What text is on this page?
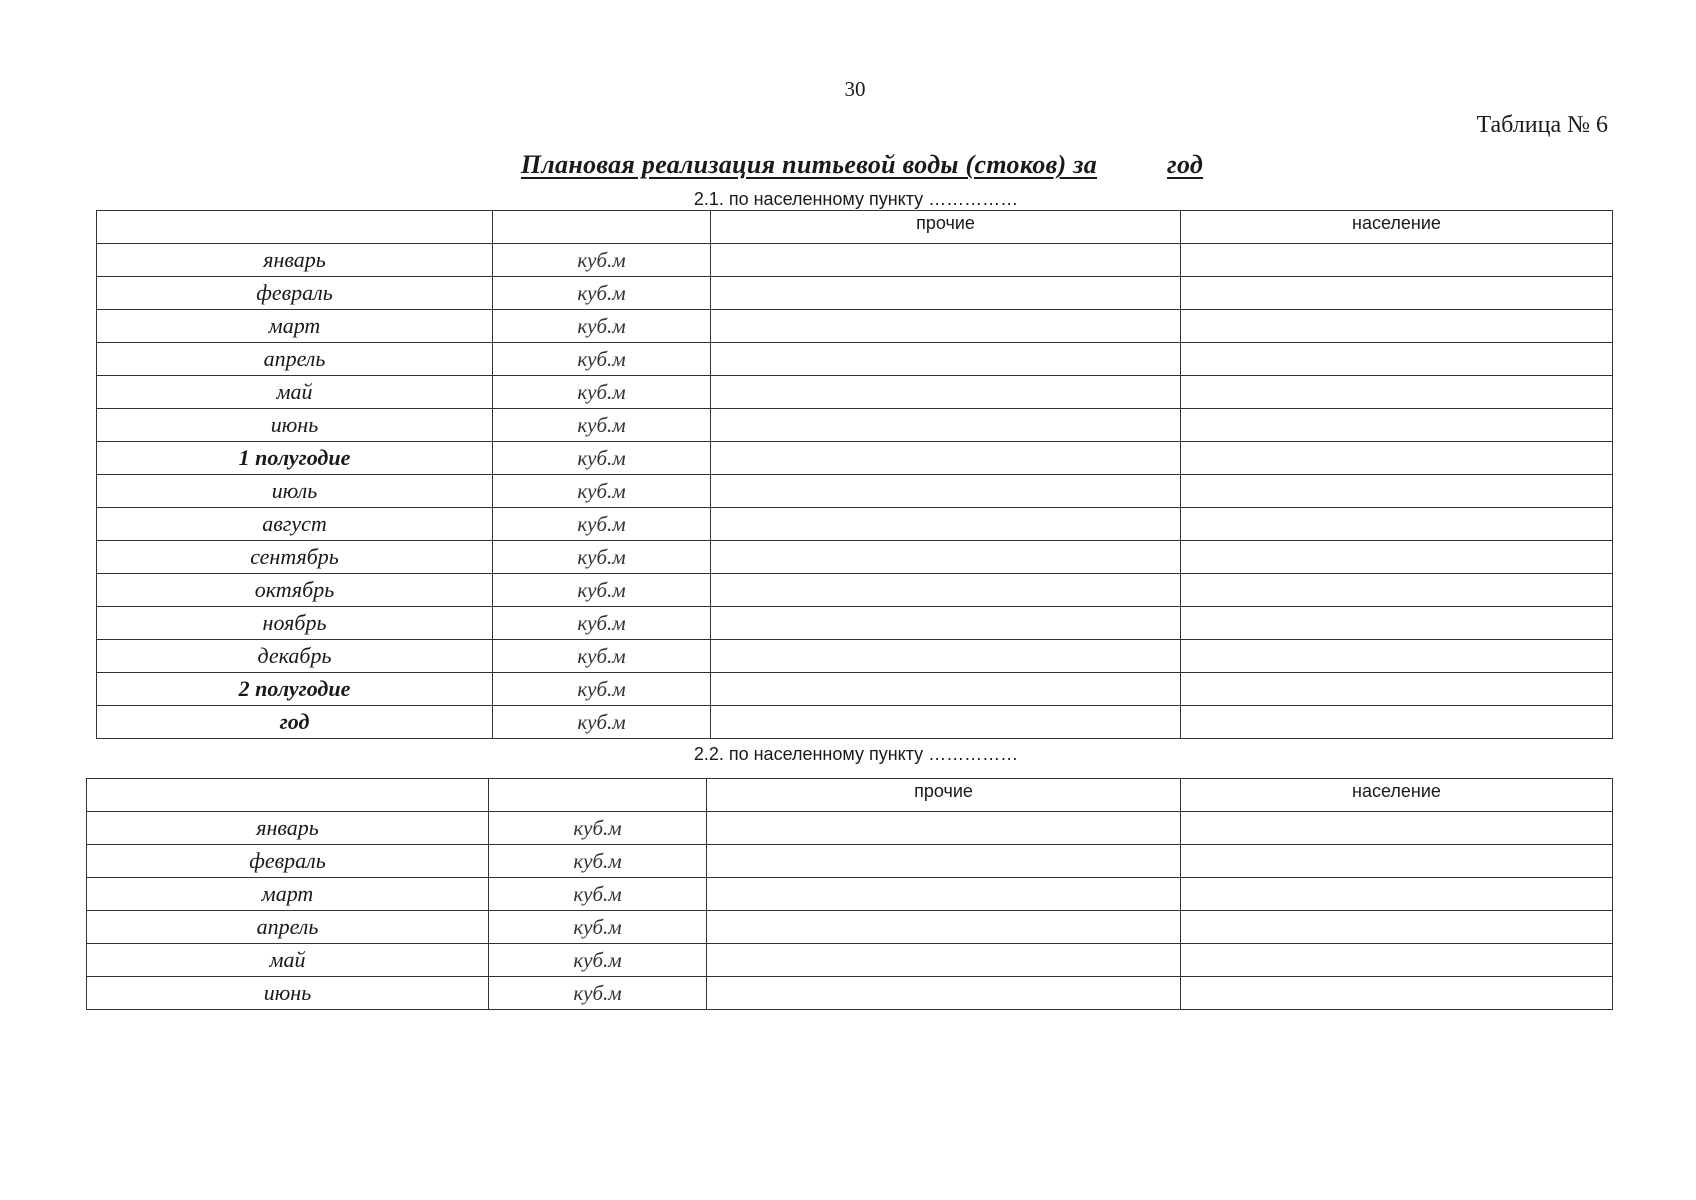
30
Таблица № 6
Плановая реализация питьевой воды (стоков) за	год
2.1. по населенному пункту ……………
		прочие	население
январь	куб.м		
февраль	куб.м		
март	куб.м		
апрель	куб.м		
май	куб.м		
июнь	куб.м		
1 полугодие	куб.м		
июль	куб.м		
август	куб.м		
сентябрь	куб.м		
октябрь	куб.м		
ноябрь	куб.м		
декабрь	куб.м		
2 полугодие	куб.м		
год	куб.м		
2.2. по населенному пункту ……………
		прочие	население
январь	куб.м		
февраль	куб.м		
март	куб.м		
апрель	куб.м		
май	куб.м		
июнь	куб.м		
